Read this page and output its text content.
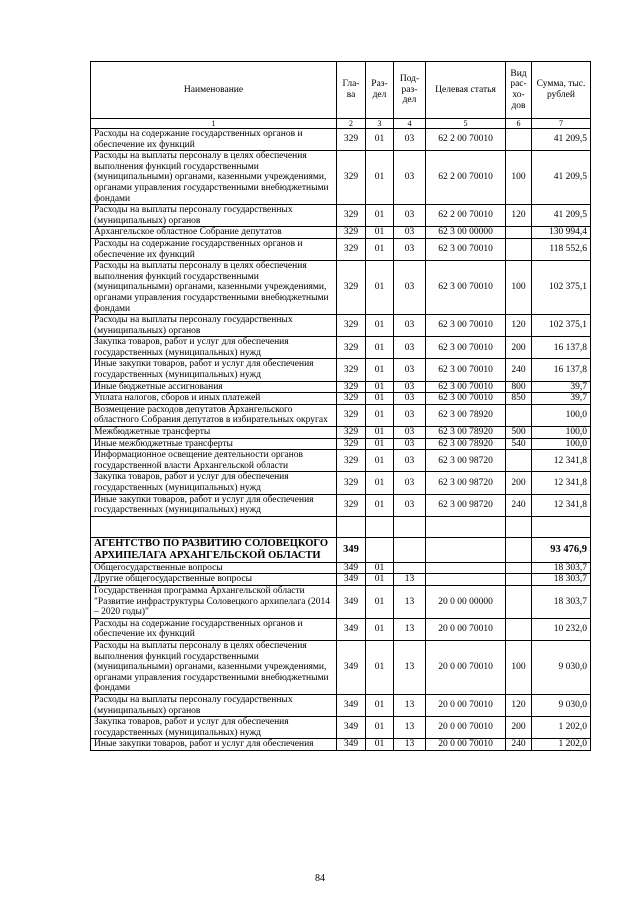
Наименование	Гла-ва	Раз-дел	Под-раз-дел	Целевая статья	Вид рас-хо-дов	Сумма, тыс. рублей
1	2	3	4	5	6	7
Расходы на содержание государственных органов и обеспечение их функций	329	01	03	62 2 00 70010		41 209,5
Расходы на выплаты персоналу в целях обеспечения выполнения функций государственными (муниципальными) органами, казенными учреждениями, органами управления государственными внебюджетными фондами	329	01	03	62 2 00 70010	100	41 209,5
Расходы на выплаты персоналу государственных (муниципальных) органов	329	01	03	62 2 00 70010	120	41 209,5
Архангельское областное Собрание депутатов	329	01	03	62 3 00 00000		130 994,4
Расходы на содержание государственных органов и обеспечение их функций	329	01	03	62 3 00 70010		118 552,6
Расходы на выплаты персоналу в целях обеспечения выполнения функций государственными (муниципальными) органами, казенными учреждениями, органами управления государственными внебюджетными фондами	329	01	03	62 3 00 70010	100	102 375,1
Расходы на выплаты персоналу государственных (муниципальных) органов	329	01	03	62 3 00 70010	120	102 375,1
Закупка товаров, работ и услуг для обеспечения государственных (муниципальных) нужд	329	01	03	62 3 00 70010	200	16 137,8
Иные закупки товаров, работ и услуг для обеспечения государственных (муниципальных) нужд	329	01	03	62 3 00 70010	240	16 137,8
Иные бюджетные ассигнования	329	01	03	62 3 00 70010	800	39,7
Уплата налогов, сборов и иных платежей	329	01	03	62 3 00 70010	850	39,7
Возмещение расходов депутатов Архангельского областного Собрания депутатов в избирательных округах	329	01	03	62 3 00 78920		100,0
Межбюджетные трансферты	329	01	03	62 3 00 78920	500	100,0
Иные межбюджетные трансферты	329	01	03	62 3 00 78920	540	100,0
Информационное освещение деятельности органов государственной власти Архангельской области	329	01	03	62 3 00 98720		12 341,8
Закупка товаров, работ и услуг для обеспечения государственных (муниципальных) нужд	329	01	03	62 3 00 98720	200	12 341,8
Иные закупки товаров, работ и услуг для обеспечения государственных (муниципальных) нужд	329	01	03	62 3 00 98720	240	12 341,8

АГЕНТСТВО ПО РАЗВИТИЮ СОЛОВЕЦКОГО АРХИПЕЛАГА АРХАНГЕЛЬСКОЙ ОБЛАСТИ	349					93 476,9
Общегосударственные вопросы	349	01				18 303,7
Другие общегосударственные вопросы	349	01	13			18 303,7
Государственная программа Архангельской области "Развитие инфраструктуры Соловецкого архипелага (2014 – 2020 годы)"	349	01	13	20 0 00 00000		18 303,7
Расходы на содержание государственных органов и обеспечение их функций	349	01	13	20 0 00 70010		10 232,0
Расходы на выплаты персоналу в целях обеспечения выполнения функций государственными (муниципальными) органами, казенными учреждениями, органами управления государственными внебюджетными фондами	349	01	13	20 0 00 70010	100	9 030,0
Расходы на выплаты персоналу государственных (муниципальных) органов	349	01	13	20 0 00 70010	120	9 030,0
Закупка товаров, работ и услуг для обеспечения государственных (муниципальных) нужд	349	01	13	20 0 00 70010	200	1 202,0
Иные закупки товаров, работ и услуг для обеспечения	349	01	13	20 0 00 70010	240	1 202,0
84
